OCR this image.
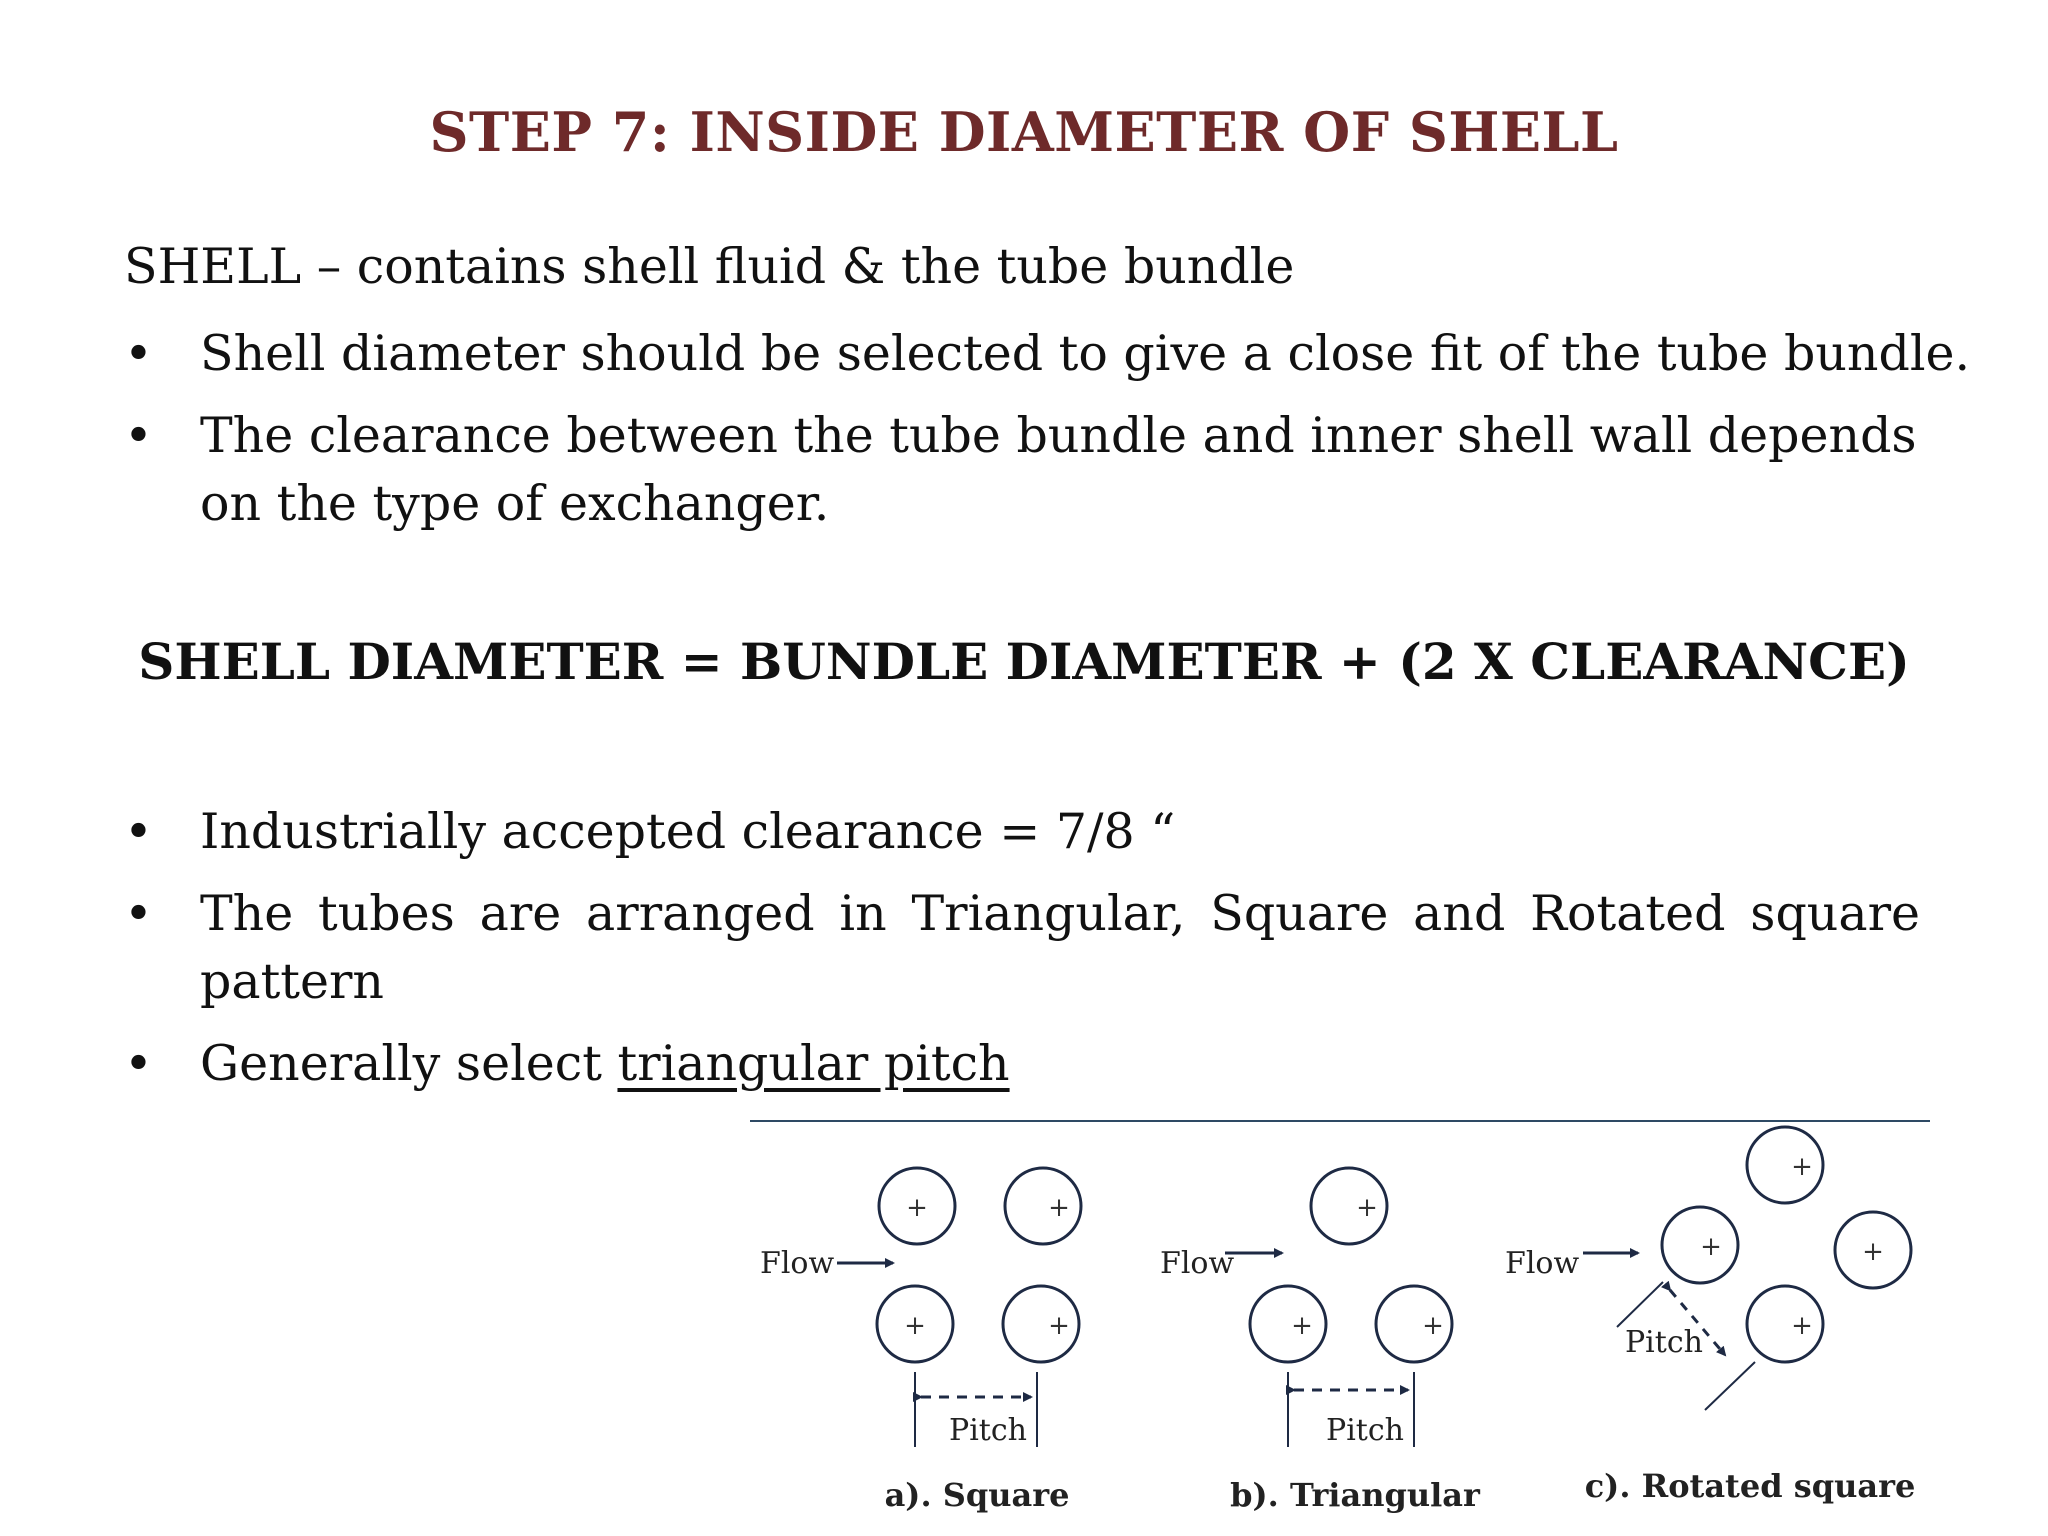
STEP 7: INSIDE DIAMETER OF SHELL
SHELL – contains shell fluid & the tube bundle
• Shell diameter should be selected to give a close fit of the tube bundle.
• The clearance between the tube bundle and inner shell wall depends on the type of exchanger.
SHELL DIAMETER = BUNDLE DIAMETER + (2 X CLEARANCE)
• Industrially accepted clearance = 7/8 “
• The tubes are arranged in Triangular, Square and Rotated square pattern
• Generally select triangular pitch
+	+
+	+
Flow
Pitch
a). Square
+
+	+
Flow
Pitch
b). Triangular
+
+	+
+
Flow
Pitch
c). Rotated square
